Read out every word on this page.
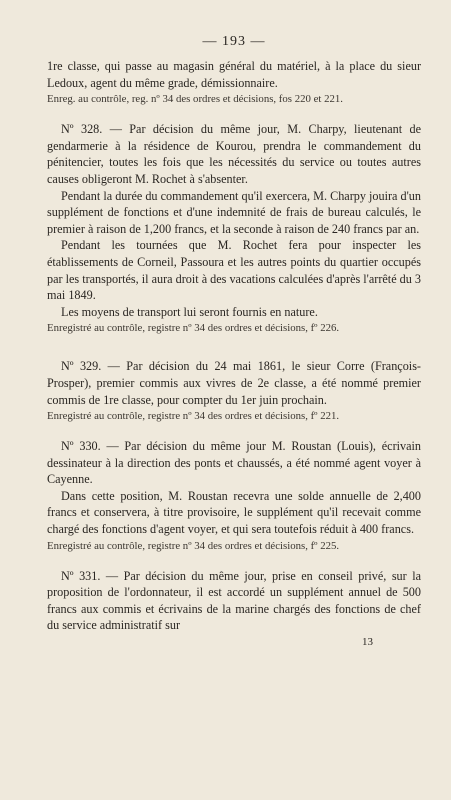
— 193 —

1re classe, qui passe au magasin général du matériel, à la place du sieur Ledoux, agent du même grade, démissionnaire.

Enreg. au contrôle, reg. nº 34 des ordres et décisions, fos 220 et 221.

Nº 328. — Par décision du même jour, M. Charpy, lieutenant de gendarmerie à la résidence de Kourou, prendra le commandement du pénitencier, toutes les fois que les nécessités du service ou toutes autres causes obligeront M. Rochet à s'absenter.

Pendant la durée du commandement qu'il exercera, M. Charpy jouira d'un supplément de fonctions et d'une indemnité de frais de bureau calculés, le premier à raison de 1,200 francs, et la seconde à raison de 240 francs par an.

Pendant les tournées que M. Rochet fera pour inspecter les établissements de Corneil, Passoura et les autres points du quartier occupés par les transportés, il aura droit à des vacations calculées d'après l'arrêté du 3 mai 1849.

Les moyens de transport lui seront fournis en nature.

Enregistré au contrôle, registre nº 34 des ordres et décisions, fº 226.

Nº 329. — Par décision du 24 mai 1861, le sieur Corre (François-Prosper), premier commis aux vivres de 2e classe, a été nommé premier commis de 1re classe, pour compter du 1er juin prochain.

Enregistré au contrôle, registre nº 34 des ordres et décisions, fº 221.

Nº 330. — Par décision du même jour M. Roustan (Louis), écrivain dessinateur à la direction des ponts et chaussés, a été nommé agent voyer à Cayenne.

Dans cette position, M. Roustan recevra une solde annuelle de 2,400 francs et conservera, à titre provisoire, le supplément qu'il recevait comme chargé des fonctions d'agent voyer, et qui sera toutefois réduit à 400 francs.

Enregistré au contrôle, registre nº 34 des ordres et décisions, fº 225.

Nº 331. — Par décision du même jour, prise en conseil privé, sur la proposition de l'ordonnateur, il est accordé un supplément annuel de 500 francs aux commis et écrivains de la marine chargés des fonctions de chef du service administratif sur

13
